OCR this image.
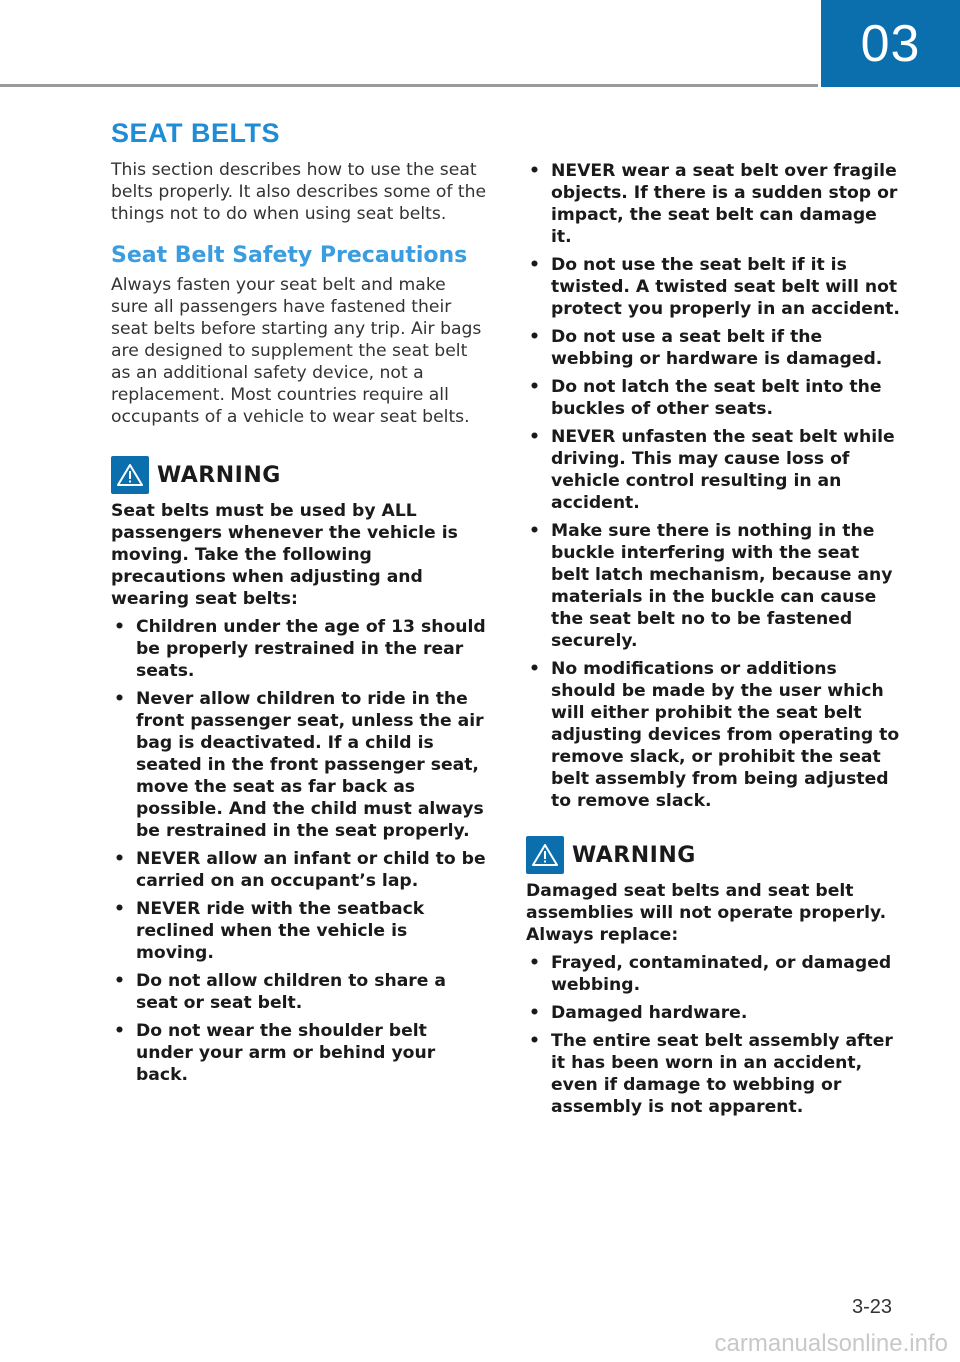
03
SEAT BELTS

This section describes how to use the seat belts properly. It also describes some of the things not to do when using seat belts.

Seat Belt Safety Precautions

Always fasten your seat belt and make sure all passengers have fastened their seat belts before starting any trip. Air bags are designed to supplement the seat belt as an additional safety device, not a replacement. Most countries require all occupants of a vehicle to wear seat belts.

WARNING

Seat belts must be used by ALL passengers whenever the vehicle is moving. Take the following precautions when adjusting and wearing seat belts:

• Children under the age of 13 should be properly restrained in the rear seats.
• Never allow children to ride in the front passenger seat, unless the air bag is deactivated. If a child is seated in the front passenger seat, move the seat as far back as possible. And the child must always be restrained in the seat properly.
• NEVER allow an infant or child to be carried on an occupant’s lap.
• NEVER ride with the seatback reclined when the vehicle is moving.
• Do not allow children to share a seat or seat belt.
• Do not wear the shoulder belt under your arm or behind your back.
• NEVER wear a seat belt over fragile objects. If there is a sudden stop or impact, the seat belt can damage it.
• Do not use the seat belt if it is twisted. A twisted seat belt will not protect you properly in an accident.
• Do not use a seat belt if the webbing or hardware is damaged.
• Do not latch the seat belt into the buckles of other seats.
• NEVER unfasten the seat belt while driving. This may cause loss of vehicle control resulting in an accident.
• Make sure there is nothing in the buckle interfering with the seat belt latch mechanism, because any materials in the buckle can cause the seat belt no to be fastened securely.
• No modifications or additions should be made by the user which will either prohibit the seat belt adjusting devices from operating to remove slack, or prohibit the seat belt assembly from being adjusted to remove slack.
WARNING

Damaged seat belts and seat belt assemblies will not operate properly. Always replace:

• Frayed, contaminated, or damaged webbing.
• Damaged hardware.
• The entire seat belt assembly after it has been worn in an accident, even if damage to webbing or assembly is not apparent.
3-23
carmanualsonline.info
